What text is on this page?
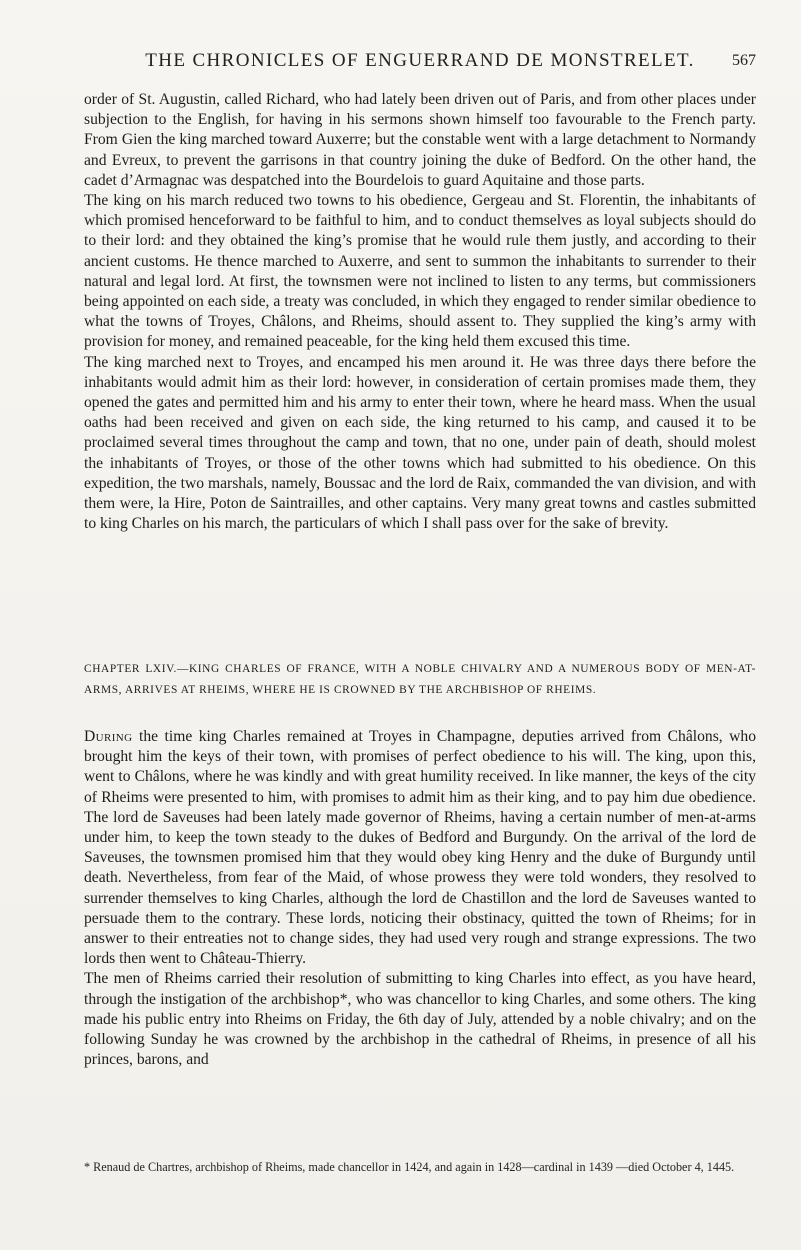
THE CHRONICLES OF ENGUERRAND DE MONSTRELET.	567

order of St. Augustin, called Richard, who had lately been driven out of Paris, and from other places under subjection to the English, for having in his sermons shown himself too favourable to the French party. From Gien the king marched toward Auxerre; but the constable went with a large detachment to Normandy and Evreux, to prevent the garrisons in that country joining the duke of Bedford. On the other hand, the cadet d’Armagnac was despatched into the Bourdelois to guard Aquitaine and those parts.

The king on his march reduced two towns to his obedience, Gergeau and St. Florentin, the inhabitants of which promised henceforward to be faithful to him, and to conduct themselves as loyal subjects should do to their lord: and they obtained the king’s promise that he would rule them justly, and according to their ancient customs. He thence marched to Auxerre, and sent to summon the inhabitants to surrender to their natural and legal lord. At first, the townsmen were not inclined to listen to any terms, but commissioners being appointed on each side, a treaty was concluded, in which they engaged to render similar obedience to what the towns of Troyes, Châlons, and Rheims, should assent to. They supplied the king’s army with provision for money, and remained peaceable, for the king held them excused this time.

The king marched next to Troyes, and encamped his men around it. He was three days there before the inhabitants would admit him as their lord: however, in consideration of certain promises made them, they opened the gates and permitted him and his army to enter their town, where he heard mass. When the usual oaths had been received and given on each side, the king returned to his camp, and caused it to be proclaimed several times throughout the camp and town, that no one, under pain of death, should molest the inhabitants of Troyes, or those of the other towns which had submitted to his obedience. On this expedition, the two marshals, namely, Boussac and the lord de Raix, commanded the van division, and with them were, la Hire, Poton de Saintrailles, and other captains. Very many great towns and castles submitted to king Charles on his march, the particulars of which I shall pass over for the sake of brevity.

CHAPTER LXIV.—KING CHARLES OF FRANCE, WITH A NOBLE CHIVALRY AND A NUMEROUS BODY OF MEN-AT-ARMS, ARRIVES AT RHEIMS, WHERE HE IS CROWNED BY THE ARCHBISHOP OF RHEIMS.

During the time king Charles remained at Troyes in Champagne, deputies arrived from Châlons, who brought him the keys of their town, with promises of perfect obedience to his will. The king, upon this, went to Châlons, where he was kindly and with great humility received. In like manner, the keys of the city of Rheims were presented to him, with promises to admit him as their king, and to pay him due obedience. The lord de Saveuses had been lately made governor of Rheims, having a certain number of men-at-arms under him, to keep the town steady to the dukes of Bedford and Burgundy. On the arrival of the lord de Saveuses, the townsmen promised him that they would obey king Henry and the duke of Burgundy until death. Nevertheless, from fear of the Maid, of whose prowess they were told wonders, they resolved to surrender themselves to king Charles, although the lord de Chastillon and the lord de Saveuses wanted to persuade them to the contrary. These lords, noticing their obstinacy, quitted the town of Rheims; for in answer to their entreaties not to change sides, they had used very rough and strange expressions. The two lords then went to Château-Thierry.

The men of Rheims carried their resolution of submitting to king Charles into effect, as you have heard, through the instigation of the archbishop*, who was chancellor to king Charles, and some others. The king made his public entry into Rheims on Friday, the 6th day of July, attended by a noble chivalry; and on the following Sunday he was crowned by the archbishop in the cathedral of Rheims, in presence of all his princes, barons, and

* Renaud de Chartres, archbishop of Rheims, made chancellor in 1424, and again in 1428—cardinal in 1439 —died October 4, 1445.
